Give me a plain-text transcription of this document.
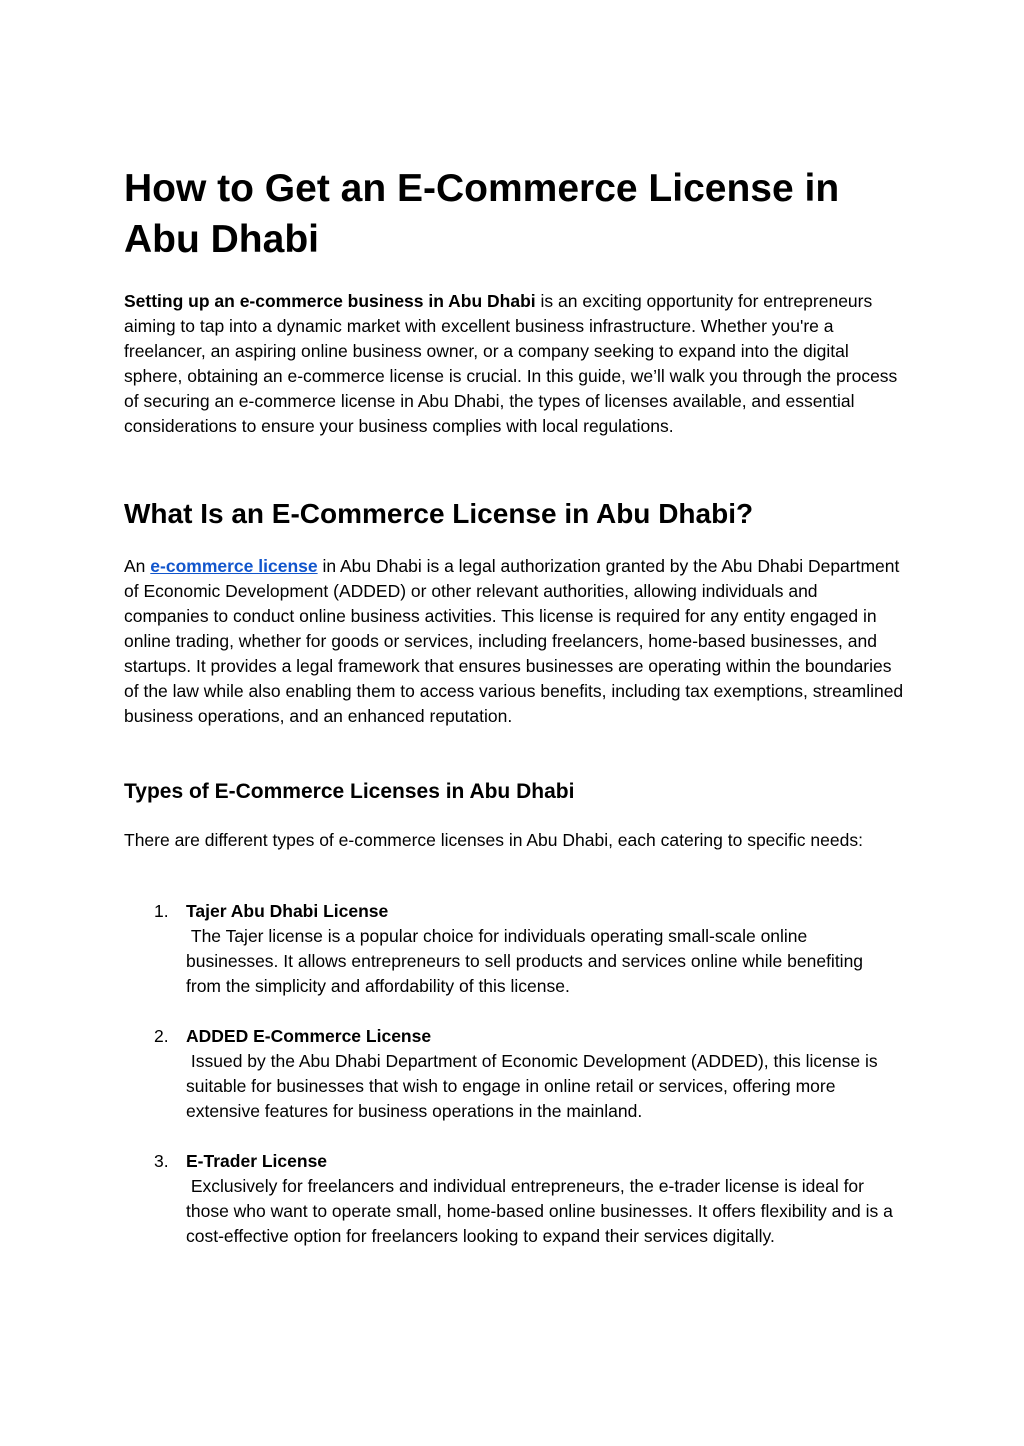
How to Get an E-Commerce License in Abu Dhabi

Setting up an e-commerce business in Abu Dhabi is an exciting opportunity for entrepreneurs aiming to tap into a dynamic market with excellent business infrastructure. Whether you're a freelancer, an aspiring online business owner, or a company seeking to expand into the digital sphere, obtaining an e-commerce license is crucial. In this guide, we’ll walk you through the process of securing an e-commerce license in Abu Dhabi, the types of licenses available, and essential considerations to ensure your business complies with local regulations.

What Is an E-Commerce License in Abu Dhabi?

An e-commerce license in Abu Dhabi is a legal authorization granted by the Abu Dhabi Department of Economic Development (ADDED) or other relevant authorities, allowing individuals and companies to conduct online business activities. This license is required for any entity engaged in online trading, whether for goods or services, including freelancers, home-based businesses, and startups. It provides a legal framework that ensures businesses are operating within the boundaries of the law while also enabling them to access various benefits, including tax exemptions, streamlined business operations, and an enhanced reputation.

Types of E-Commerce Licenses in Abu Dhabi

There are different types of e-commerce licenses in Abu Dhabi, each catering to specific needs:

1. Tajer Abu Dhabi License
The Tajer license is a popular choice for individuals operating small-scale online businesses. It allows entrepreneurs to sell products and services online while benefiting from the simplicity and affordability of this license.
2. ADDED E-Commerce License
Issued by the Abu Dhabi Department of Economic Development (ADDED), this license is suitable for businesses that wish to engage in online retail or services, offering more extensive features for business operations in the mainland.
3. E-Trader License
Exclusively for freelancers and individual entrepreneurs, the e-trader license is ideal for those who want to operate small, home-based online businesses. It offers flexibility and is a cost-effective option for freelancers looking to expand their services digitally.
